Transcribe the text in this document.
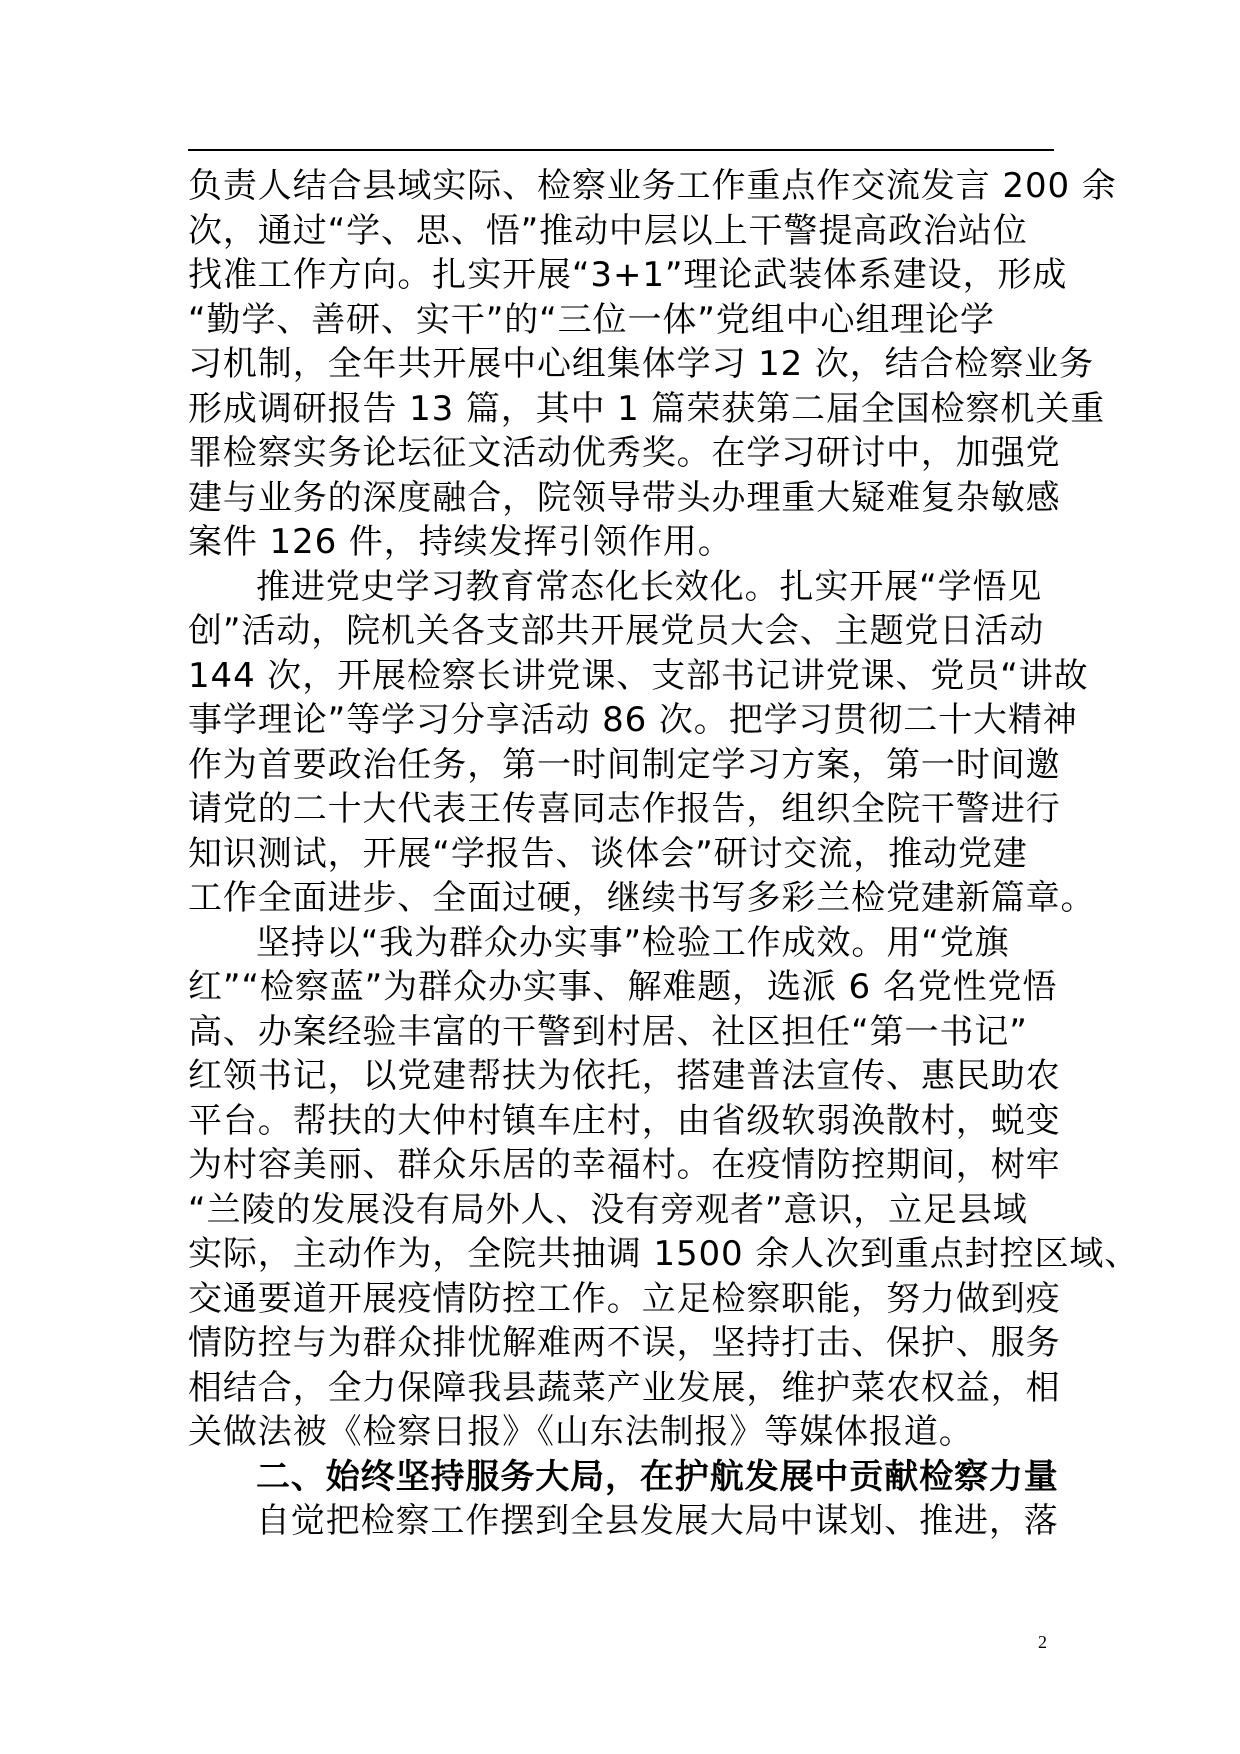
负责人结合县域实际、检察业务工作重点作交流发言 200 余
次，通过“学、思、悟”推动中层以上干警提高政治站位
找准工作方向。扎实开展“3+1”理论武装体系建设，形成
“勤学、善研、实干”的“三位一体”党组中心组理论学
习机制，全年共开展中心组集体学习 12 次，结合检察业务
形成调研报告 13 篇，其中 1 篇荣获第二届全国检察机关重
罪检察实务论坛征文活动优秀奖。在学习研讨中，加强党
建与业务的深度融合，院领导带头办理重大疑难复杂敏感
案件 126 件，持续发挥引领作用。
推进党史学习教育常态化长效化。扎实开展“学悟见
创”活动，院机关各支部共开展党员大会、主题党日活动
144 次，开展检察长讲党课、支部书记讲党课、党员“讲故
事学理论”等学习分享活动 86 次。把学习贯彻二十大精神
作为首要政治任务，第一时间制定学习方案，第一时间邀
请党的二十大代表王传喜同志作报告，组织全院干警进行
知识测试，开展“学报告、谈体会”研讨交流，推动党建
工作全面进步、全面过硬，继续书写多彩兰检党建新篇章。
坚持以“我为群众办实事”检验工作成效。用“党旗
红”“检察蓝”为群众办实事、解难题，选派 6 名党性党悟
高、办案经验丰富的干警到村居、社区担任“第一书记”
红领书记，以党建帮扶为依托，搭建普法宣传、惠民助农
平台。帮扶的大仲村镇车庄村，由省级软弱涣散村，蜕变
为村容美丽、群众乐居的幸福村。在疫情防控期间，树牢
“兰陵的发展没有局外人、没有旁观者”意识，立足县域
实际，主动作为，全院共抽调 1500 余人次到重点封控区域、
交通要道开展疫情防控工作。立足检察职能，努力做到疫
情防控与为群众排忧解难两不误，坚持打击、保护、服务
相结合，全力保障我县蔬菜产业发展，维护菜农权益，相
关做法被《检察日报》《山东法制报》等媒体报道。
二、始终坚持服务大局，在护航发展中贡献检察力量
自觉把检察工作摆到全县发展大局中谋划、推进，落
2
